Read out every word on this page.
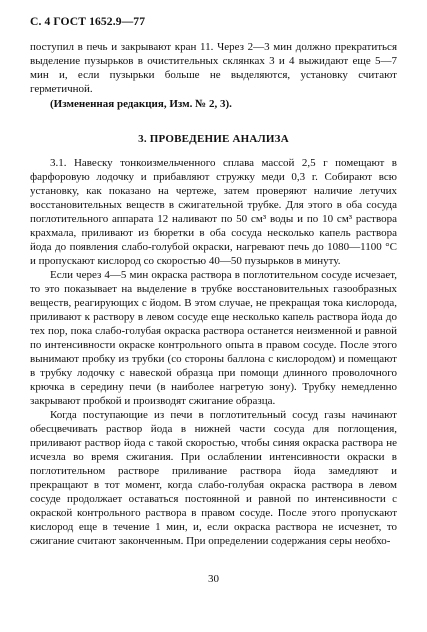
С. 4 ГОСТ 1652.9—77

поступил в печь и закрывают кран 11. Через 2—3 мин должно прекратиться выделение пузырьков в очистительных склянках 3 и 4 выжидают еще 5—7 мин и, если пузырьки больше не выделяются, установку считают герметичной.

(Измененная редакция, Изм. № 2, 3).

3. ПРОВЕДЕНИЕ АНАЛИЗА

3.1. Навеску тонкоизмельченного сплава массой 2,5 г помещают в фарфоровую лодочку и прибавляют стружку меди 0,3 г. Собирают всю установку, как показано на чертеже, затем проверяют наличие летучих восстановительных веществ в сжигательной трубке. Для этого в оба сосуда поглотительного аппарата 12 наливают по 50 см³ воды и по 10 см³ раствора крахмала, приливают из бюретки в оба сосуда несколько капель раствора йода до появления слабо-голубой окраски, нагревают печь до 1080—1100 °С и пропускают кислород со скоростью 40—50 пузырьков в минуту.

Если через 4—5 мин окраска раствора в поглотительном сосуде исчезает, то это показывает на выделение в трубке восстановительных газообразных веществ, реагирующих с йодом. В этом случае, не прекращая тока кислорода, приливают к раствору в левом сосуде еще несколько капель раствора йода до тех пор, пока слабо-голубая окраска раствора останется неизменной и равной по интенсивности окраске контрольного опыта в правом сосуде. После этого вынимают пробку из трубки (со стороны баллона с кислородом) и помещают в трубку лодочку с навеской образца при помощи длинного проволочного крючка в середину печи (в наиболее нагретую зону). Трубку немедленно закрывают пробкой и производят сжигание образца.

Когда поступающие из печи в поглотительный сосуд газы начинают обесцвечивать раствор йода в нижней части сосуда для поглощения, приливают раствор йода с такой скоростью, чтобы синяя окраска раствора не исчезла во время сжигания. При ослаблении интенсивности окраски в поглотительном растворе приливание раствора йода замедляют и прекращают в тот момент, когда слабо-голубая окраска раствора в левом сосуде продолжает оставаться постоянной и равной по интенсивности с окраской контрольного раствора в правом сосуде. После этого пропускают кислород еще в течение 1 мин, и, если окраска раствора не исчезнет, то сжигание считают законченным. При определении содержания серы необхо-

30
